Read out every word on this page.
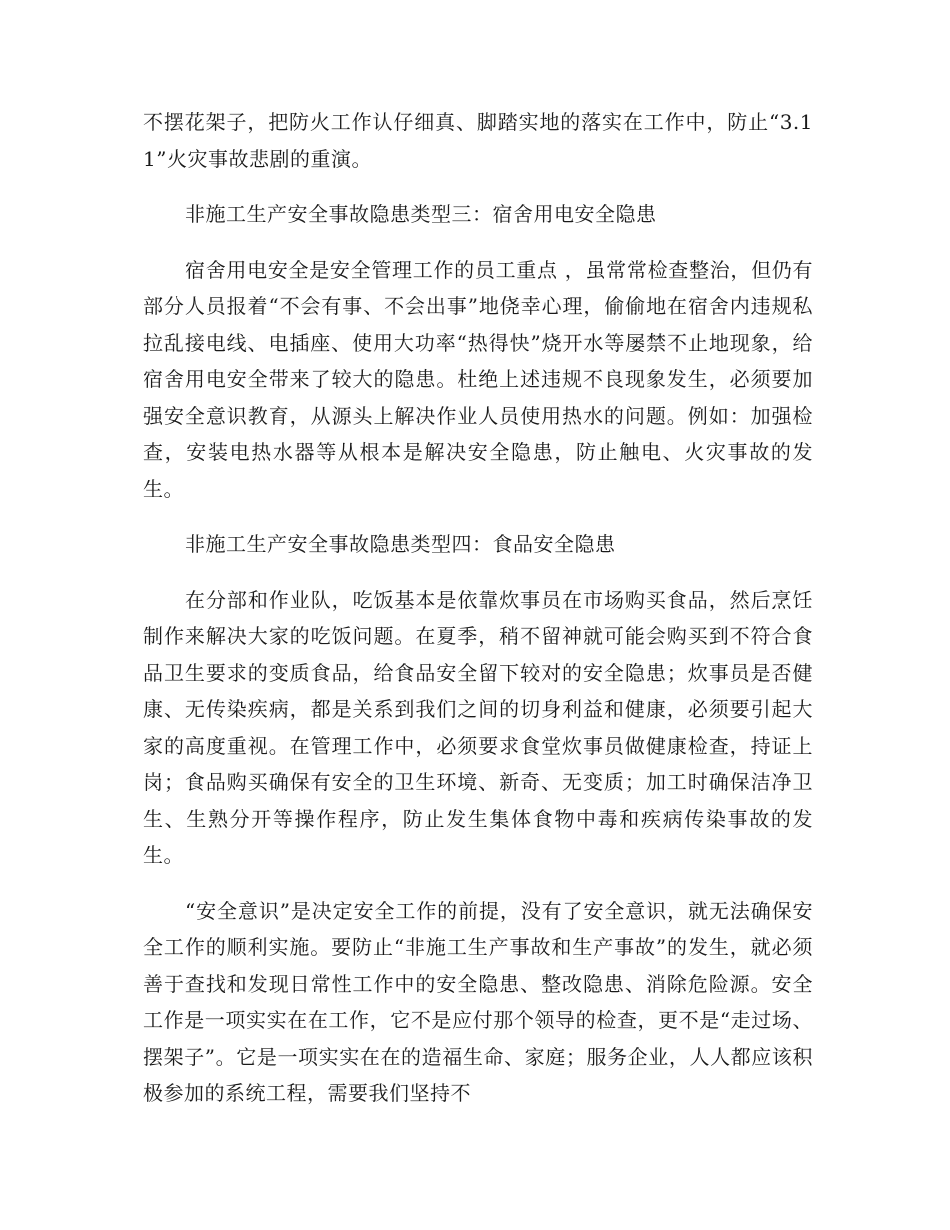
不摆花架子，把防火工作认仔细真、脚踏实地的落实在工作中，防止“3.11”火灾事故悲剧的重演。

非施工生产安全事故隐患类型三：宿舍用电安全隐患

宿舍用电安全是安全管理工作的员工重点 ，虽常常检查整治，但仍有部分人员报着“不会有事、不会出事”地侥幸心理，偷偷地在宿舍内违规私拉乱接电线、电插座、使用大功率“热得快”烧开水等屡禁不止地现象，给宿舍用电安全带来了较大的隐患。杜绝上述违规不良现象发生，必须要加强安全意识教育，从源头上解决作业人员使用热水的问题。例如：加强检查，安装电热水器等从根本是解决安全隐患，防止触电、火灾事故的发生。

非施工生产安全事故隐患类型四：食品安全隐患

在分部和作业队，吃饭基本是依靠炊事员在市场购买食品，然后烹饪制作来解决大家的吃饭问题。在夏季，稍不留神就可能会购买到不符合食品卫生要求的变质食品，给食品安全留下较对的安全隐患；炊事员是否健康、无传染疾病，都是关系到我们之间的切身利益和健康，必须要引起大家的高度重视。在管理工作中，必须要求食堂炊事员做健康检查，持证上岗；食品购买确保有安全的卫生环境、新奇、无变质；加工时确保洁净卫生、生熟分开等操作程序，防止发生集体食物中毒和疾病传染事故的发生。

“安全意识”是决定安全工作的前提，没有了安全意识，就无法确保安全工作的顺利实施。要防止“非施工生产事故和生产事故”的发生，就必须善于查找和发现日常性工作中的安全隐患、整改隐患、消除危险源。安全工作是一项实实在在工作，它不是应付那个领导的检查，更不是“走过场、摆架子”。它是一项实实在在的造福生命、家庭；服务企业，人人都应该积极参加的系统工程，需要我们坚持不
